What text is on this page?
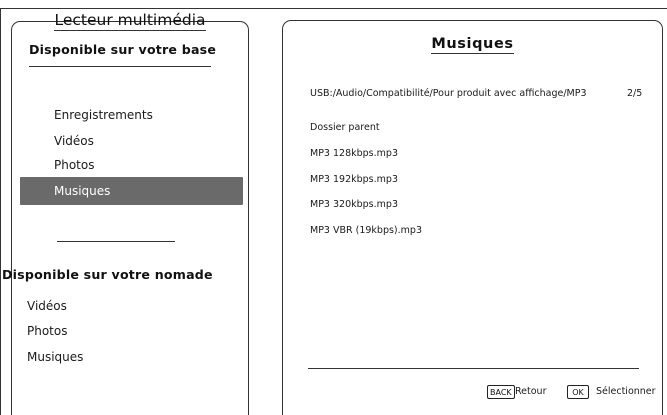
Lecteur multimédia
Disponible sur votre base
Enregistrements
Vidéos
Photos
Musiques
Disponible sur votre nomade
Vidéos
Photos
Musiques
Musiques
USB:/Audio/Compatibilité/Pour produit avec affichage/MP3	2/5
Dossier parent
MP3 128kbps.mp3
MP3 192kbps.mp3
MP3 320kbps.mp3
MP3 VBR (19kbps).mp3
BACK Retour	OK	Sélectionner
